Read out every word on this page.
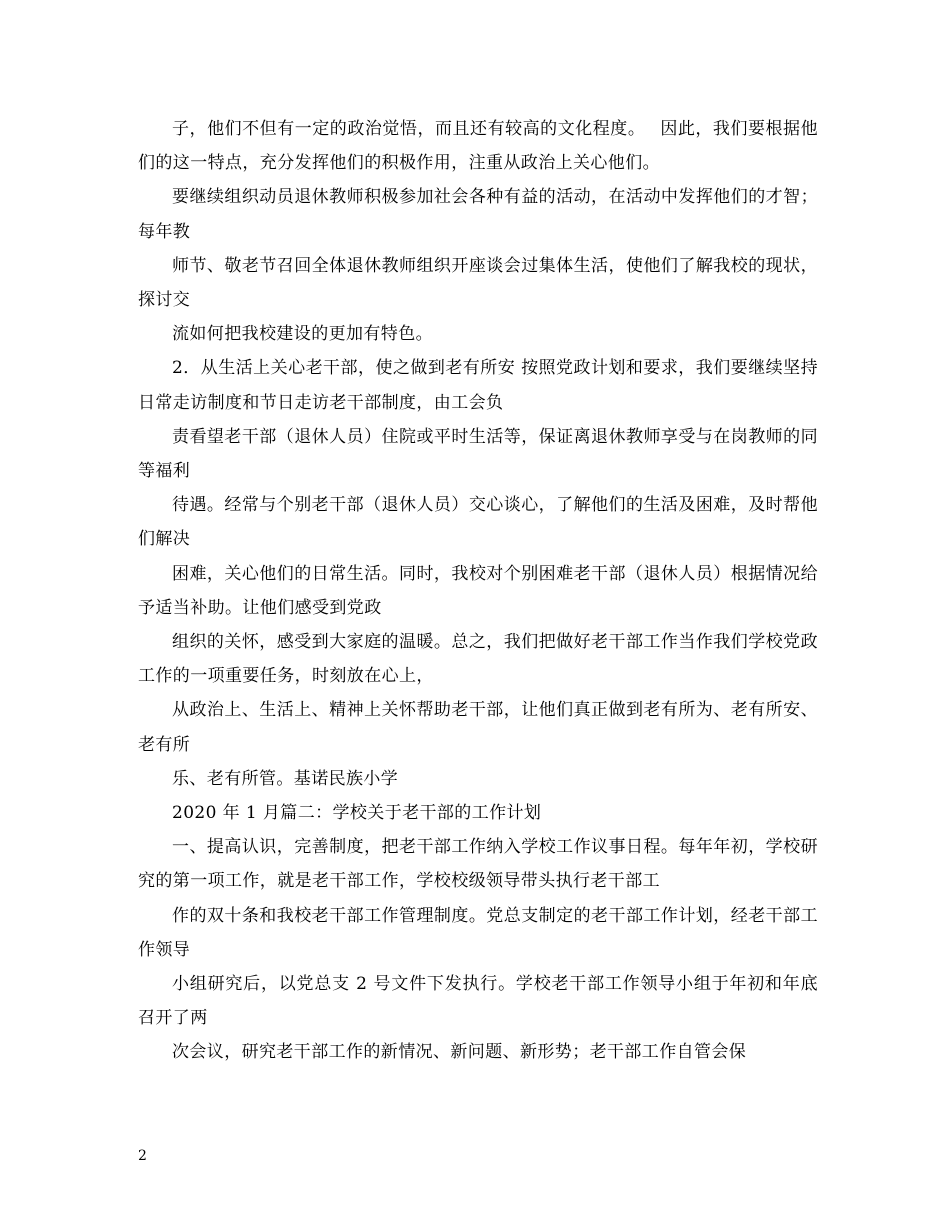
子，他们不但有一定的政治觉悟，而且还有较高的文化程度。　 因此，我们要根据他们的这一特点，充分发挥他们的积极作用，注重从政治上关心他们。

要继续组织动员退休教师积极参加社会各种有益的活动，在活动中发挥他们的才智；每年教

师节、敬老节召回全体退休教师组织开座谈会过集体生活，使他们了解我校的现状，探讨交

流如何把我校建设的更加有特色。

2．从生活上关心老干部，使之做到老有所安 按照党政计划和要求，我们要继续坚持日常走访制度和节日走访老干部制度，由工会负

责看望老干部（退休人员）住院或平时生活等，保证离退休教师享受与在岗教师的同等福利

待遇。经常与个别老干部（退休人员）交心谈心，了解他们的生活及困难，及时帮他们解决

困难，关心他们的日常生活。同时，我校对个别困难老干部（退休人员）根据情况给予适当补助。让他们感受到党政

组织的关怀，感受到大家庭的温暖。总之，我们把做好老干部工作当作我们学校党政工作的一项重要任务，时刻放在心上，

从政治上、生活上、精神上关怀帮助老干部，让他们真正做到老有所为、老有所安、老有所

乐、老有所管。基诺民族小学

2020 年 1 月篇二：学校关于老干部的工作计划

一、提高认识，完善制度，把老干部工作纳入学校工作议事日程。每年年初，学校研究的第一项工作，就是老干部工作，学校校级领导带头执行老干部工

作的双十条和我校老干部工作管理制度。党总支制定的老干部工作计划，经老干部工作领导

小组研究后，以党总支 2 号文件下发执行。学校老干部工作领导小组于年初和年底召开了两

次会议，研究老干部工作的新情况、新问题、新形势；老干部工作自管会保

2
